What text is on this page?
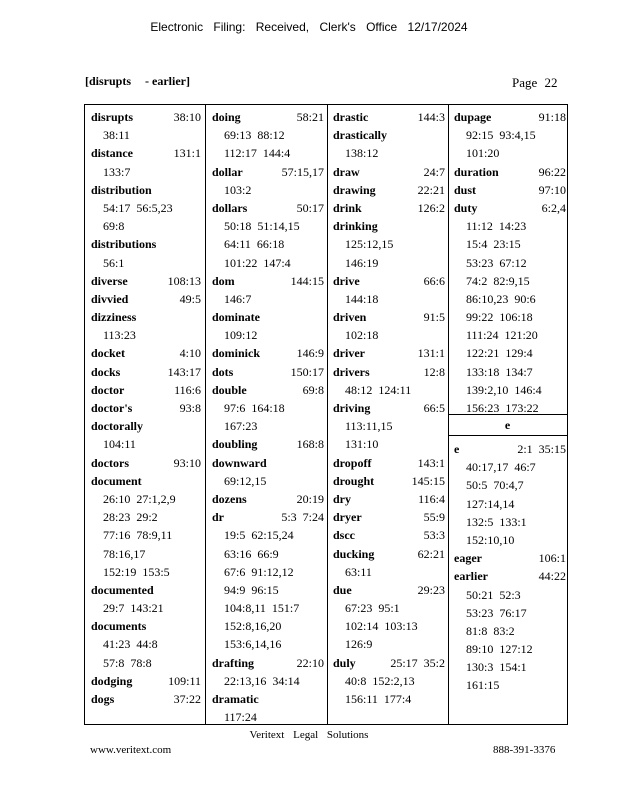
Electronic Filing: Received, Clerk's Office 12/17/2024
[disrupts - earlier]	Page 22
disrupts	38:10
38:11
distance	131:1
133:7
distribution
54:17  56:5,23
69:8
distributions
56:1
diverse	108:13
divvied	49:5
dizziness
113:23
docket	4:10
docks	143:17
doctor	116:6
doctor's	93:8
doctorally
104:11
doctors	93:10
document
26:10  27:1,2,9
28:23  29:2
77:16  78:9,11
78:16,17
152:19  153:5
documented
29:7  143:21
documents
41:23  44:8
57:8  78:8
dodging	109:11
dogs	37:22
doing	58:21
69:13  88:12
112:17  144:4
dollar	57:15,17
103:2
dollars	50:17
50:18  51:14,15
64:11  66:18
101:22  147:4
dom	144:15
146:7
dominate
109:12
dominick	146:9
dots	150:17
double	69:8
97:6  164:18
167:23
doubling	168:8
downward
69:12,15
dozens	20:19
dr	5:3  7:24
19:5  62:15,24
63:16  66:9
67:6  91:12,12
94:9  96:15
104:8,11  151:7
152:8,16,20
153:6,14,16
drafting	22:10
22:13,16  34:14
dramatic
117:24
drastic	144:3
drastically
138:12
draw	24:7
drawing	22:21
drink	126:2
drinking
125:12,15
146:19
drive	66:6
144:18
driven	91:5
102:18
driver	131:1
drivers	12:8
48:12  124:11
driving	66:5
113:11,15
131:10
dropoff	143:1
drought	145:15
dry	116:4
dryer	55:9
dscc	53:3
ducking	62:21
63:11
due	29:23
67:23  95:1
102:14  103:13
126:9
duly	25:17  35:2
40:8  152:2,13
156:11  177:4
dupage	91:18
92:15  93:4,15
101:20
duration	96:22
dust	97:10
duty	6:2,4
11:12  14:23
15:4  23:15
53:23  67:12
74:2  82:9,15
86:10,23  90:6
99:22  106:18
111:24  121:20
122:21  129:4
133:18  134:7
139:2,10  146:4
156:23  173:22
e
e	2:1  35:15
40:17,17  46:7
50:5  70:4,7
127:14,14
132:5  133:1
152:10,10
eager	106:1
earlier	44:22
50:21  52:3
53:23  76:17
81:8  83:2
89:10  127:12
130:3  154:1
161:15
Veritext Legal Solutions
www.veritext.com	888-391-3376
